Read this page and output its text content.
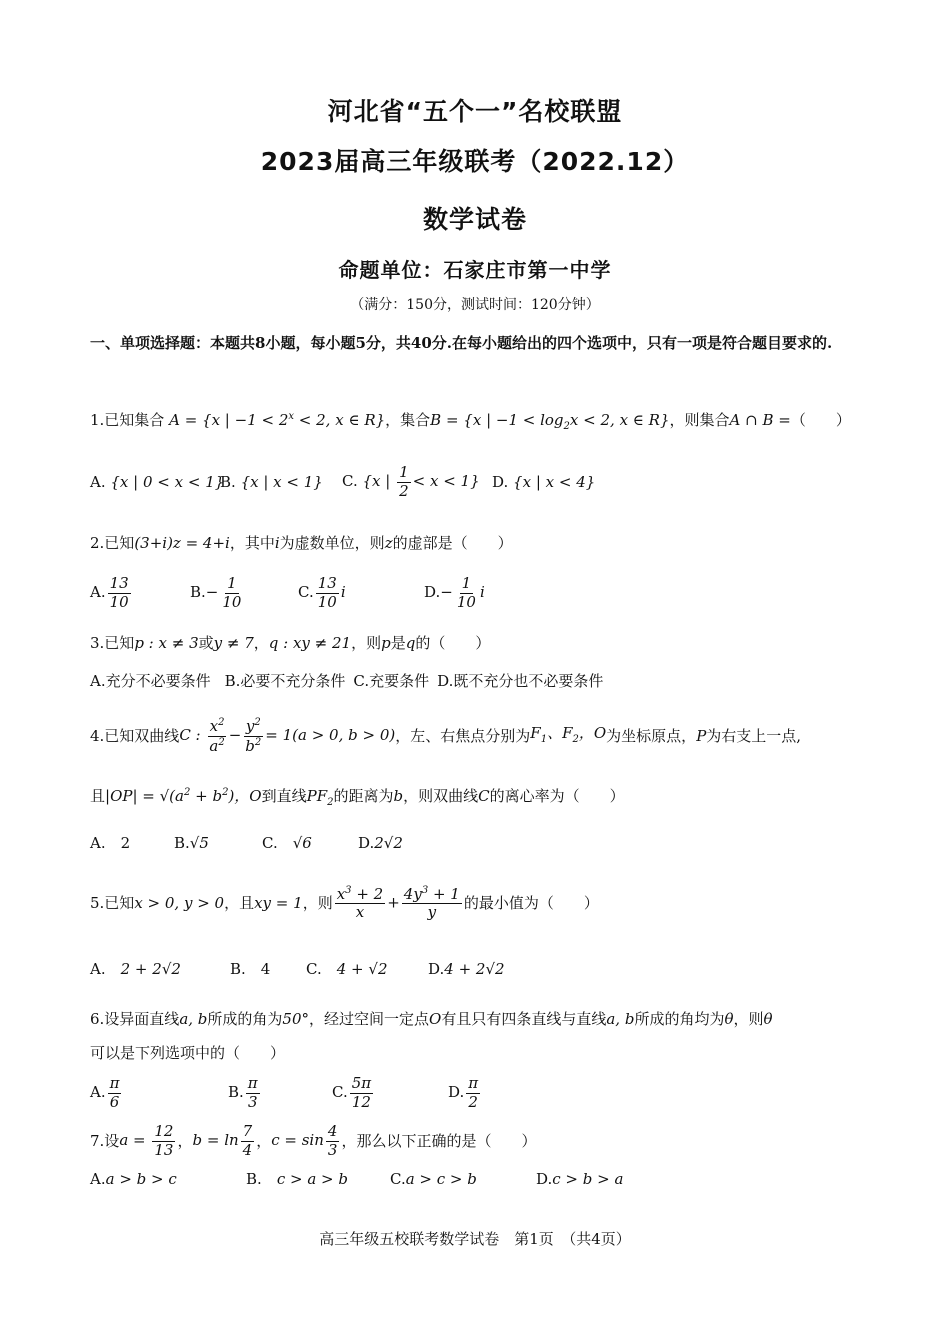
河北省“五个一”名校联盟
2023届高三年级联考（2022.12）
数学试卷
命题单位：石家庄市第一中学
（满分：150分，测试时间：120分钟）
一、单项选择题：本题共8小题，每小题5分，共40分.在每小题给出的四个选项中，只有一项是符合题目要求的.
1.已知集合 A = {x | $-1 < 2^x < 2$, x ∈ R}，集合B = {x | $-1 < \log_2x < 2$, x ∈ R}，则集合A ∩ B =（　　）
A. {x | 0 < x < 1}
B. {x | x < 1}	C. {x | $\frac{1}{2} < x < 1$} D. {x | x < 4}
2.已知(3+i)z = 4+i，其中i为虚数单位，则z的虚部是（　　）
A. $\frac{13}{10}$	$B.- \frac{1}{10}$	C. $\frac{13}{10}$ i	$D.- \frac{1}{10}$ i
3.已知p : x ≠ 3或y ≠ 7，q : xy ≠ 21，则p是q的（　　）
A.充分不必要条件 B.必要不充分条件 C.充要条件 D.既不充分也不必要条件
4.已知双曲线 C : $\frac{x^2}{a^2} - \frac{y^2}{b^2} = 1(a > 0$, b > 0) ，左、右焦点分别为 $F_1$、$F_2$，O 为坐标原点， P 为右支上一点,
且$|OP| = √(a^2 + b^2)$，O到直线$PF_2$的距离为b，则双曲线C的离心率为（　　）
A.　2	B.√5	C.　 √6	D.2√2
5.已知 x > 0, y > 0 ，且 xy = 1 ，则 $\frac{x^3 + 2}{x} + \frac{4y^3 + 1}{y}$ 的最小值为（　　）
A.　 2 + 2√2	B.　4	C.　 4 + √2	D.4 + 2√2
6.设异面直线a, b所成的角为50°，经过空间一定点O有且只有四条直线与直线a, b所成的角均为θ，则θ
可以是下列选项中的（　　）
A. $\frac{\pi}{6}$	B. $\frac{\pi}{3}$	C. $\frac{5\pi}{12}$	D. $\frac{\pi}{2}$
7.设 $a = \frac{12}{13}$ ， $b = \ln \frac{7}{4}$ ， $c = \sin \frac{4}{3}$ ，那么以下正确的是（　　）
A.a > b > c	B.　 c > a > b	C.a > c > b	D.c > b > a
高三年级五校联考数学试卷　第1页　（共4页）
